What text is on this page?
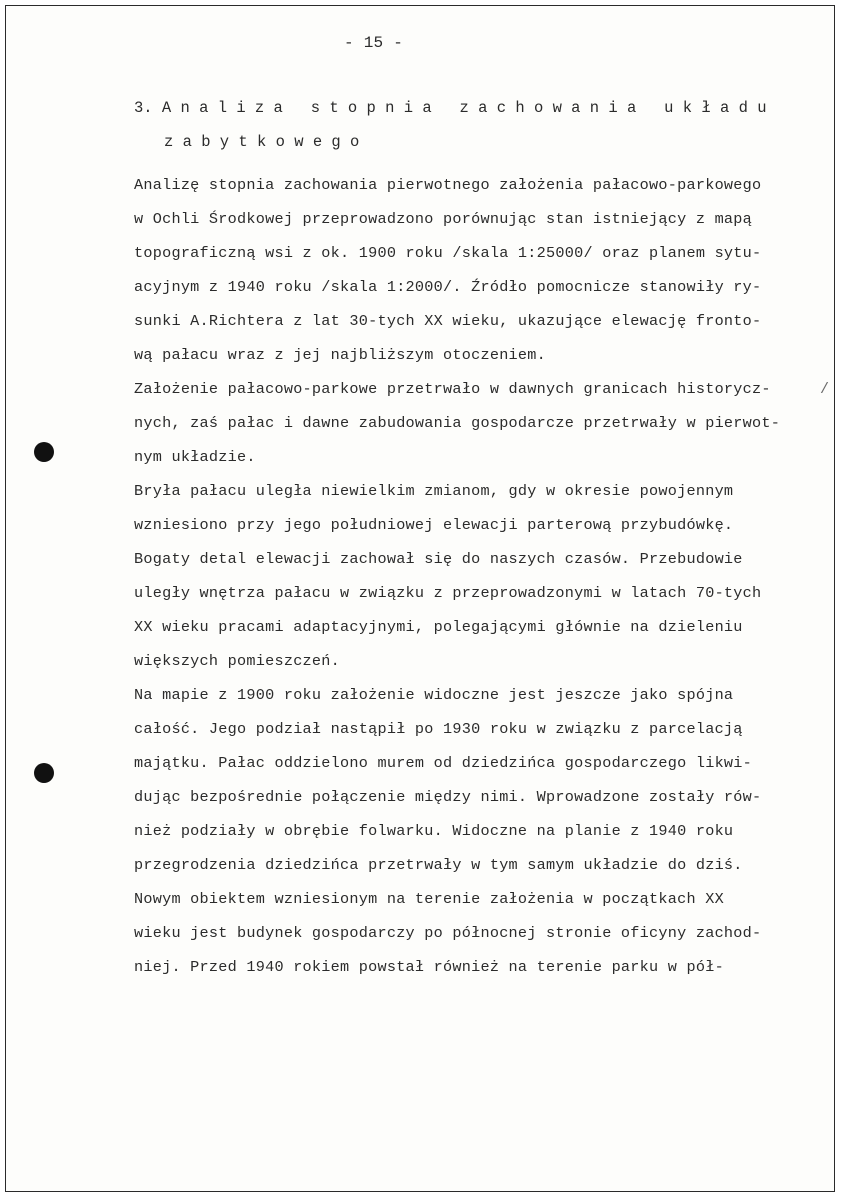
- 15 -
3. A n a l i z a   s t o p n i a   z a c h o w a n i a   u k ł a d u
z a b y t k o w e g o
Analizę stopnia zachowania pierwotnego założenia pałacowo-parkowego
w Ochli Środkowej przeprowadzono porównując stan istniejący z mapą
topograficzną wsi z ok. 1900 roku /skala 1:25000/ oraz planem sytu-
acyjnym z 1940 roku /skala 1:2000/. Źródło pomocnicze stanowiły ry-
sunki A.Richtera z lat 30-tych XX wieku, ukazujące elewację fronto-
wą pałacu wraz z jej najbliższym otoczeniem.
Założenie pałacowo-parkowe przetrwało w dawnych granicach historycz-
nych, zaś pałac i dawne zabudowania gospodarcze przetrwały w pierwot-
nym układzie.
Bryła pałacu uległa niewielkim zmianom, gdy w okresie powojennym
wzniesiono przy jego południowej elewacji parterową przybudówkę.
Bogaty detal elewacji zachował się do naszych czasów. Przebudowie
uległy wnętrza pałacu w związku z przeprowadzonymi w latach 70-tych
XX wieku pracami adaptacyjnymi, polegającymi głównie na dzieleniu
większych pomieszczeń.
Na mapie z 1900 roku założenie widoczne jest jeszcze jako spójna
całość. Jego podział nastąpił po 1930 roku w związku z parcelacją
majątku. Pałac oddzielono murem od dziedzińca gospodarczego likwi-
dując bezpośrednie połączenie między nimi. Wprowadzone zostały rów-
nież podziały w obrębie folwarku. Widoczne na planie z 1940 roku
przegrodzenia dziedzińca przetrwały w tym samym układzie do dziś.
Nowym obiektem wzniesionym na terenie założenia w początkach XX
wieku jest budynek gospodarczy po północnej stronie oficyny zachod-
niej. Przed 1940 rokiem powstał również na terenie parku w pół-
/
